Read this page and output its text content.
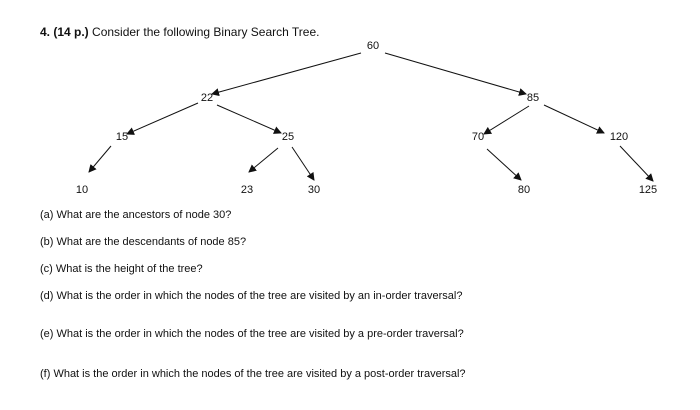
4. (14 p.) Consider the following Binary Search Tree.
60
22	85
15	25	70	120
10	23	30	80	125
(a) What are the ancestors of node 30?
(b) What are the descendants of node 85?
(c) What is the height of the tree?
(d) What is the order in which the nodes of the tree are visited by an in-order traversal?
(e) What is the order in which the nodes of the tree are visited by a pre-order traversal?
(f) What is the order in which the nodes of the tree are visited by a post-order traversal?
